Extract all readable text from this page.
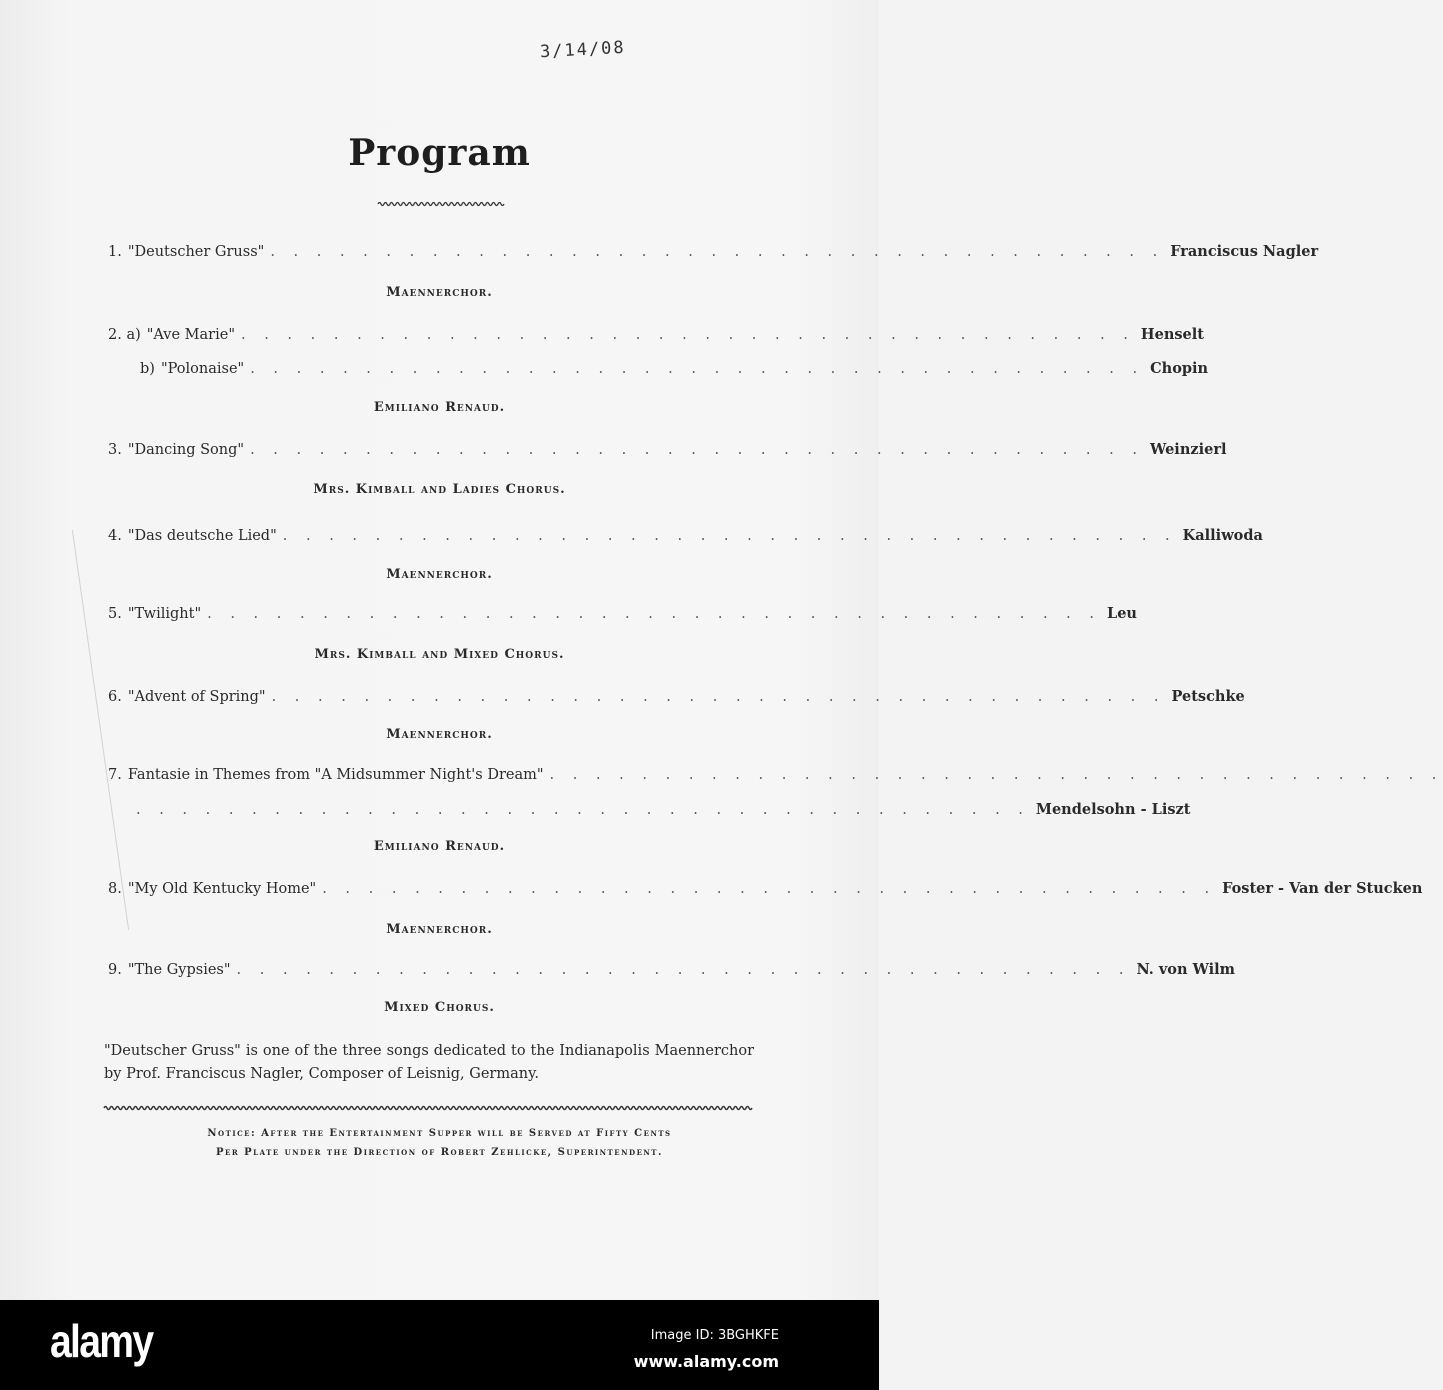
3/14/08
Program
1. "Deutscher Gruss" . . . . . . . . . . . . . . . . . . . . . . . . . . . . . . . . . . . . . . . Franciscus Nagler
Maennerchor.
2. a) "Ave Marie" . . . . . . . . . . . . . . . . . . . . . . . . . . . . . . . . . . . . . . . Henselt
b) "Polonaise" . . . . . . . . . . . . . . . . . . . . . . . . . . . . . . . . . . . . . . . Chopin
Emiliano Renaud.
3. "Dancing Song" . . . . . . . . . . . . . . . . . . . . . . . . . . . . . . . . . . . . . . . Weinzierl
Mrs. Kimball and Ladies Chorus.
4. "Das deutsche Lied" . . . . . . . . . . . . . . . . . . . . . . . . . . . . . . . . . . . . . . . Kalliwoda
Maennerchor.
5. "Twilight" . . . . . . . . . . . . . . . . . . . . . . . . . . . . . . . . . . . . . . . Leu
Mrs. Kimball and Mixed Chorus.
6. "Advent of Spring" . . . . . . . . . . . . . . . . . . . . . . . . . . . . . . . . . . . . . . . Petschke
Maennerchor.
7. Fantasie in Themes from "A Midsummer Night's Dream" . . . . . . . . . . . . . . . . . . . . . . . . . . . . . . . . . . . . . . .
. . . . . . . . . . . . . . . . . . . . . . . . . . . . . . . . . . . . . . . Mendelsohn - Liszt
Emiliano Renaud.
8. "My Old Kentucky Home" . . . . . . . . . . . . . . . . . . . . . . . . . . . . . . . . . . . . . . . Foster - Van der Stucken
Maennerchor.
9. "The Gypsies" . . . . . . . . . . . . . . . . . . . . . . . . . . . . . . . . . . . . . . . N. von Wilm
Mixed Chorus.
"Deutscher Gruss" is one of the three songs dedicated to the Indianapolis Maennerchor by Prof. Franciscus Nagler, Composer of Leisnig, Germany.
Notice: After the Entertainment Supper will be Served at Fifty Cents
Per Plate under the Direction of Robert Zehlicke, Superintendent.
alamy	Image ID: 3BGHKFE
www.alamy.com
